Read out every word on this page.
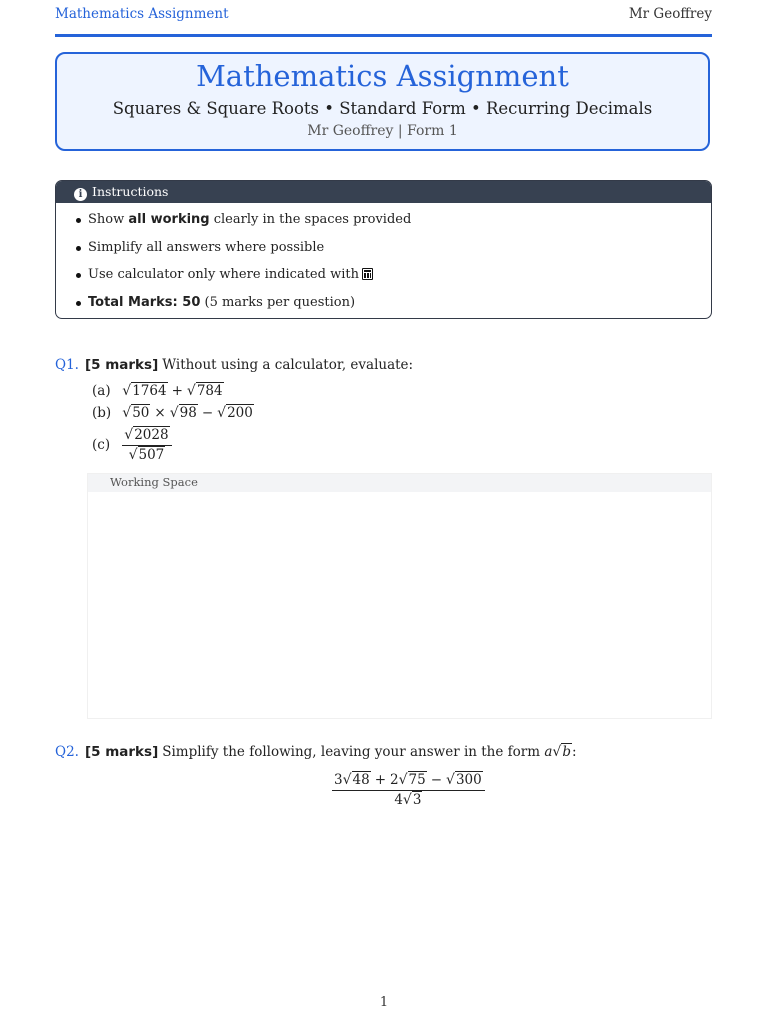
Mathematics Assignment	Mr Geoffrey
Mathematics Assignment
Squares & Square Roots • Standard Form • Recurring Decimals
Mr Geoffrey | Form 1
i Instructions
Show all working clearly in the spaces provided
Simplify all answers where possible
Use calculator only where indicated with
Total Marks: 50 (5 marks per question)
Q1. [5 marks] Without using a calculator, evaluate:
(a) √1764 + √784
(b) √50 × √98 − √200
$(c) \frac{√2028}{√507}$
Working Space
Q2. [5 marks] Simplify the following, leaving your answer in the form a√b:
$\frac{3√48 + 2√75 - √300}{4√3}$
1
